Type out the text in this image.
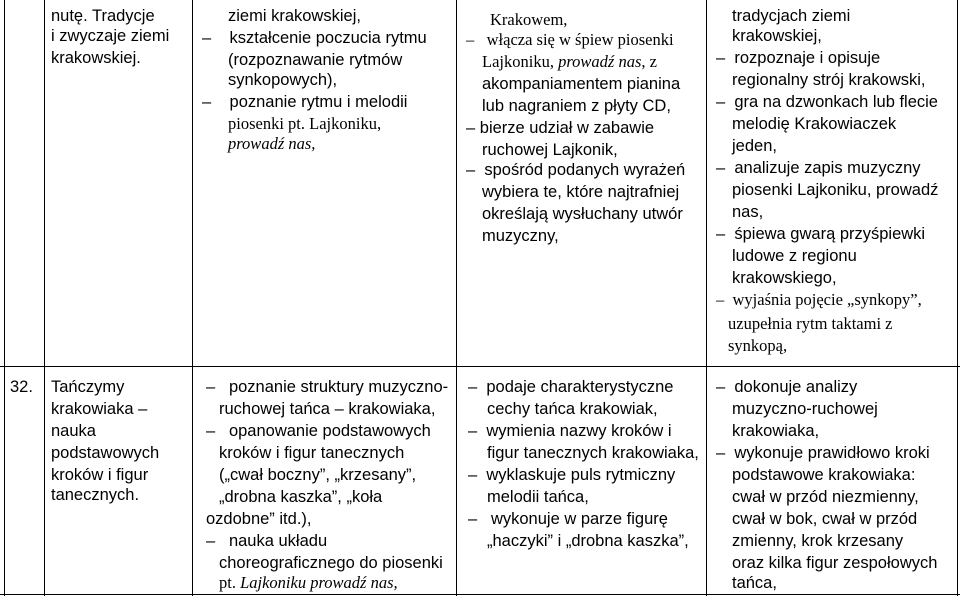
nutę. Tradycje
i zwyczaje ziemi
krakowskiej.
ziemi krakowskiej,
– kształcenie poczucia rytmu
(rozpoznawanie rytmów
synkopowych),
– poznanie rytmu i melodii
piosenki pt. Lajkoniku,
prowadź nas,
Krakowem,
– włącza się w śpiew piosenki
Lajkoniku, prowadź nas, z
akompaniamentem pianina
lub nagraniem z płyty CD,
– bierze udział w zabawie
ruchowej Lajkonik,
– spośród podanych wyrażeń
wybiera te, które najtrafniej
określają wysłuchany utwór
muzyczny,
tradycjach ziemi
krakowskiej,
– rozpoznaje i opisuje
regionalny strój krakowski,
– gra na dzwonkach lub flecie
melodię Krakowiaczek
jeden,
– analizuje zapis muzyczny
piosenki Lajkoniku, prowadź
nas,
– śpiewa gwarą przyśpiewki
ludowe z regionu
krakowskiego,
– wyjaśnia pojęcie „synkopy”,
uzupełnia rytm taktami z
synkopą,
32. Tańczymy
krakowiaka –
nauka
podstawowych
kroków i figur
tanecznych.
– poznanie struktury muzyczno-
ruchowej tańca – krakowiaka,
– opanowanie podstawowych
kroków i figur tanecznych
(„cwał boczny”, „krzesany”,
„drobna kaszka”, „koła
ozdobne” itd.),
– nauka układu
choreograficznego do piosenki
pt. Lajkoniku prowadź nas,
– podaje charakterystyczne
cechy tańca krakowiak,
– wymienia nazwy kroków i
figur tanecznych krakowiaka,
– wyklaskuje puls rytmiczny
melodii tańca,
– wykonuje w parze figurę
„haczyki” i „drobna kaszka”,
– dokonuje analizy
muzyczno-ruchowej
krakowiaka,
– wykonuje prawidłowo kroki
podstawowe krakowiaka:
cwał w przód niezmienny,
cwał w bok, cwał w przód
zmienny, krok krzesany
oraz kilka figur zespołowych
tańca,
